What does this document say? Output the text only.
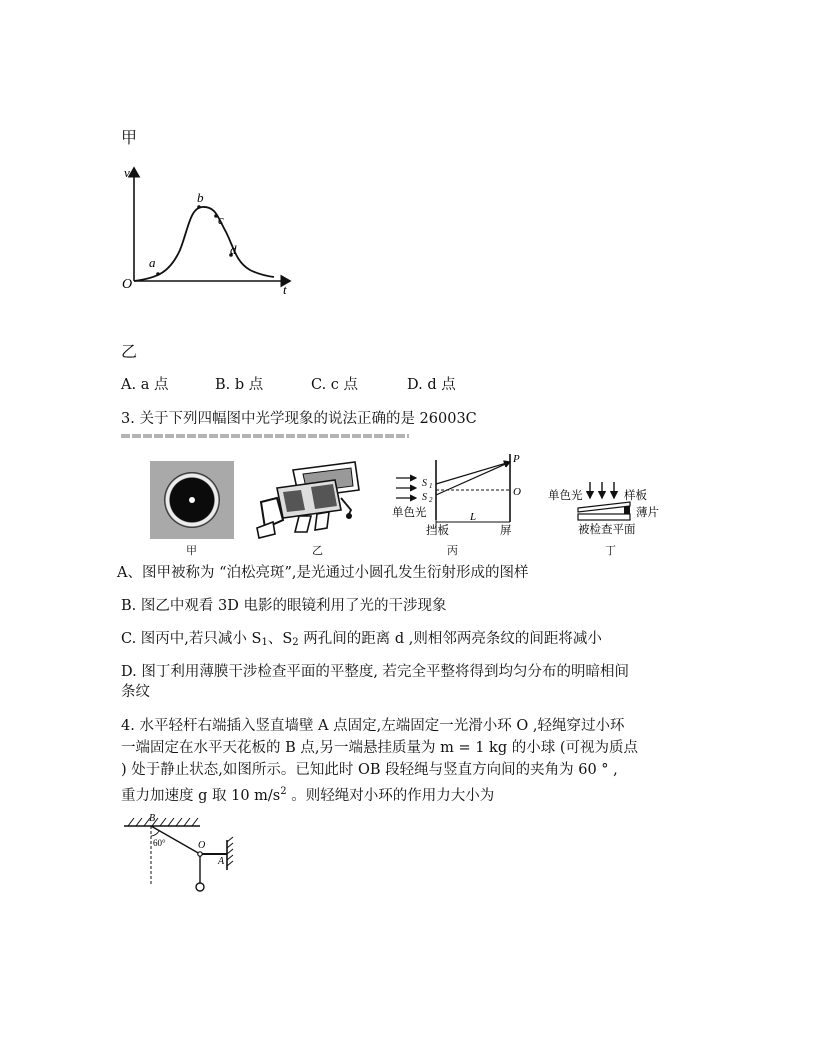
甲
v
t
O
a
b
c
d
乙
A. a 点	B. b 点	C. c 点	D. d 点
3. 关于下列四幅图中光学现象的说法正确的是 26003C
甲	乙
S 1
S 2
P
O
L
单色光
挡板	屏
丙
单色光	样板
薄片
被检查平面
丁
A、图甲被称为 “泊松亮斑”,是光通过小圆孔发生衍射形成的图样
B. 图乙中观看 3D 电影的眼镜利用了光的干涉现象
C. 图丙中,若只减小 $S_1$、$S_2$ 两孔间的距离 d ,则相邻两亮条纹的间距将减小
D. 图丁利用薄膜干涉检查平面的平整度, 若完全平整将得到均匀分布的明暗相间
条纹
4. 水平轻杆右端插入竖直墙壁 A 点固定,左端固定一光滑小环 O ,轻绳穿过小环
一端固定在水平天花板的 B 点,另一端悬挂质量为 m = 1 kg 的小球 (可视为质点
) 处于静止状态,如图所示。已知此时 OB 段轻绳与竖直方向间的夹角为 60 ° ,
重力加速度 g 取 10 $m/s^2$ 。则轻绳对小环的作用力大小为
B
O
A
60°
